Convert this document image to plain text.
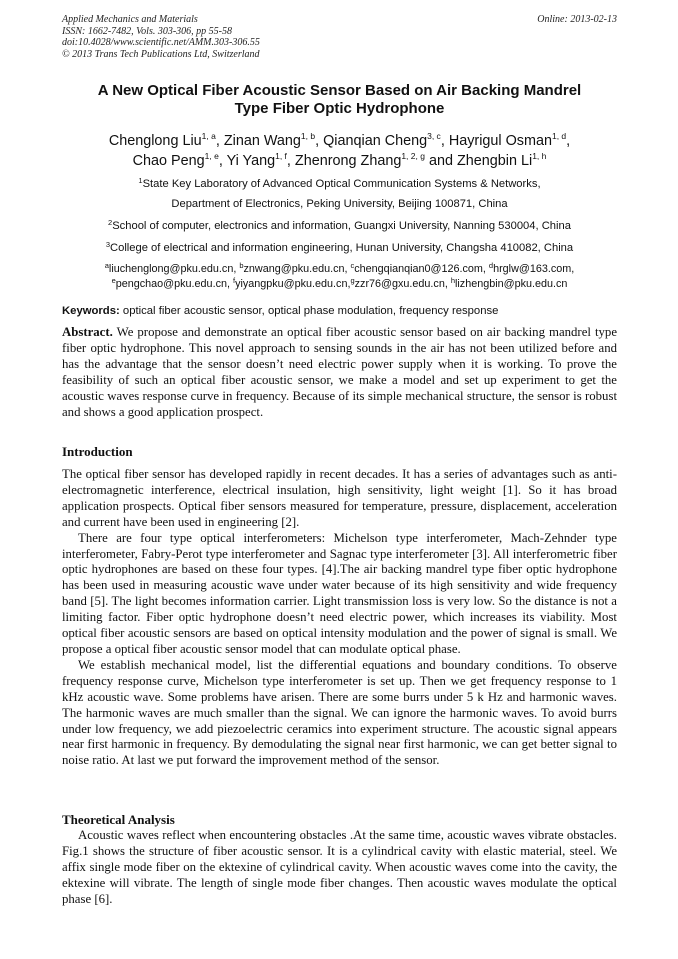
Applied Mechanics and Materials
ISSN: 1662-7482, Vols. 303-306, pp 55-58
doi:10.4028/www.scientific.net/AMM.303-306.55
© 2013 Trans Tech Publications Ltd, Switzerland
Online: 2013-02-13
A New Optical Fiber Acoustic Sensor Based on Air Backing Mandrel
Type Fiber Optic Hydrophone
Chenglong Liu$^{1, a}$, Zinan Wang$^{1, b}$, Qianqian Cheng$^{3, c}$, Hayrigul Osman$^{1, d}$,
Chao Peng$^{1, e}$, Yi Yang$^{1, f}$, Zhenrong Zhang$^{1, 2, g}$ and Zhengbin Li$^{1, h}$
$^1$State Key Laboratory of Advanced Optical Communication Systems & Networks,
Department of Electronics, Peking University, Beijing 100871, China
$^2$School of computer, electronics and information, Guangxi University, Nanning 530004, China
$^3$College of electrical and information engineering, Hunan University, Changsha 410082, China
$^a$liuchenglong@pku.edu.cn, $^b$znwang@pku.edu.cn, $^c$chengqianqian0@126.com, $^d$hrglw@163.com,
$^e$pengchao@pku.edu.cn, $^f$yiyangpku@pku.edu.cn,$^g$zzr76@gxu.edu.cn, $^h$lizhengbin@pku.edu.cn
Keywords: optical fiber acoustic sensor, optical phase modulation, frequency response
Abstract. We propose and demonstrate an optical fiber acoustic sensor based on air backing mandrel type fiber optic hydrophone. This novel approach to sensing sounds in the air has not been utilized before and has the advantage that the sensor doesn’t need electric power supply when it is working. To prove the feasibility of such an optical fiber acoustic sensor, we make a model and set up experiment to get the acoustic waves response curve in frequency. Because of its simple mechanical structure, the sensor is robust and shows a good application prospect.
Introduction
The optical fiber sensor has developed rapidly in recent decades. It has a series of advantages such as anti-electromagnetic interference, electrical insulation, high sensitivity, light weight [1]. So it has broad application prospects. Optical fiber sensors measured for temperature, pressure, displacement, acceleration and current have been used in engineering [2].
There are four type optical interferometers: Michelson type interferometer, Mach-Zehnder type interferometer, Fabry-Perot type interferometer and Sagnac type interferometer [3]. All interferometric fiber optic hydrophones are based on these four types. [4].The air backing mandrel type fiber optic hydrophone has been used in measuring acoustic wave under water because of its high sensitivity and wide frequency band [5]. The light becomes information carrier. Light transmission loss is very low. So the distance is not a limiting factor. Fiber optic hydrophone doesn’t need electric power, which increases its viability. Most optical fiber acoustic sensors are based on optical intensity modulation and the power of signal is small. We propose a optical fiber acoustic sensor model that can modulate optical phase.
We establish mechanical model, list the differential equations and boundary conditions. To observe frequency response curve, Michelson type interferometer is set up. Then we get frequency response to 1 kHz acoustic wave. Some problems have arisen. There are some burrs under 5 k Hz and harmonic waves. The harmonic waves are much smaller than the signal. We can ignore the harmonic waves. To avoid burrs under low frequency, we add piezoelectric ceramics into experiment structure. The acoustic signal appears near first harmonic in frequency. By demodulating the signal near first harmonic, we can get better signal to noise ratio. At last we put forward the improvement method of the sensor.
Theoretical Analysis
Acoustic waves reflect when encountering obstacles .At the same time, acoustic waves vibrate obstacles. Fig.1 shows the structure of fiber acoustic sensor. It is a cylindrical cavity with elastic material, steel. We affix single mode fiber on the ektexine of cylindrical cavity. When acoustic waves come into the cavity, the ektexine will vibrate. The length of single mode fiber changes. Then acoustic waves modulate the optical phase [6].
